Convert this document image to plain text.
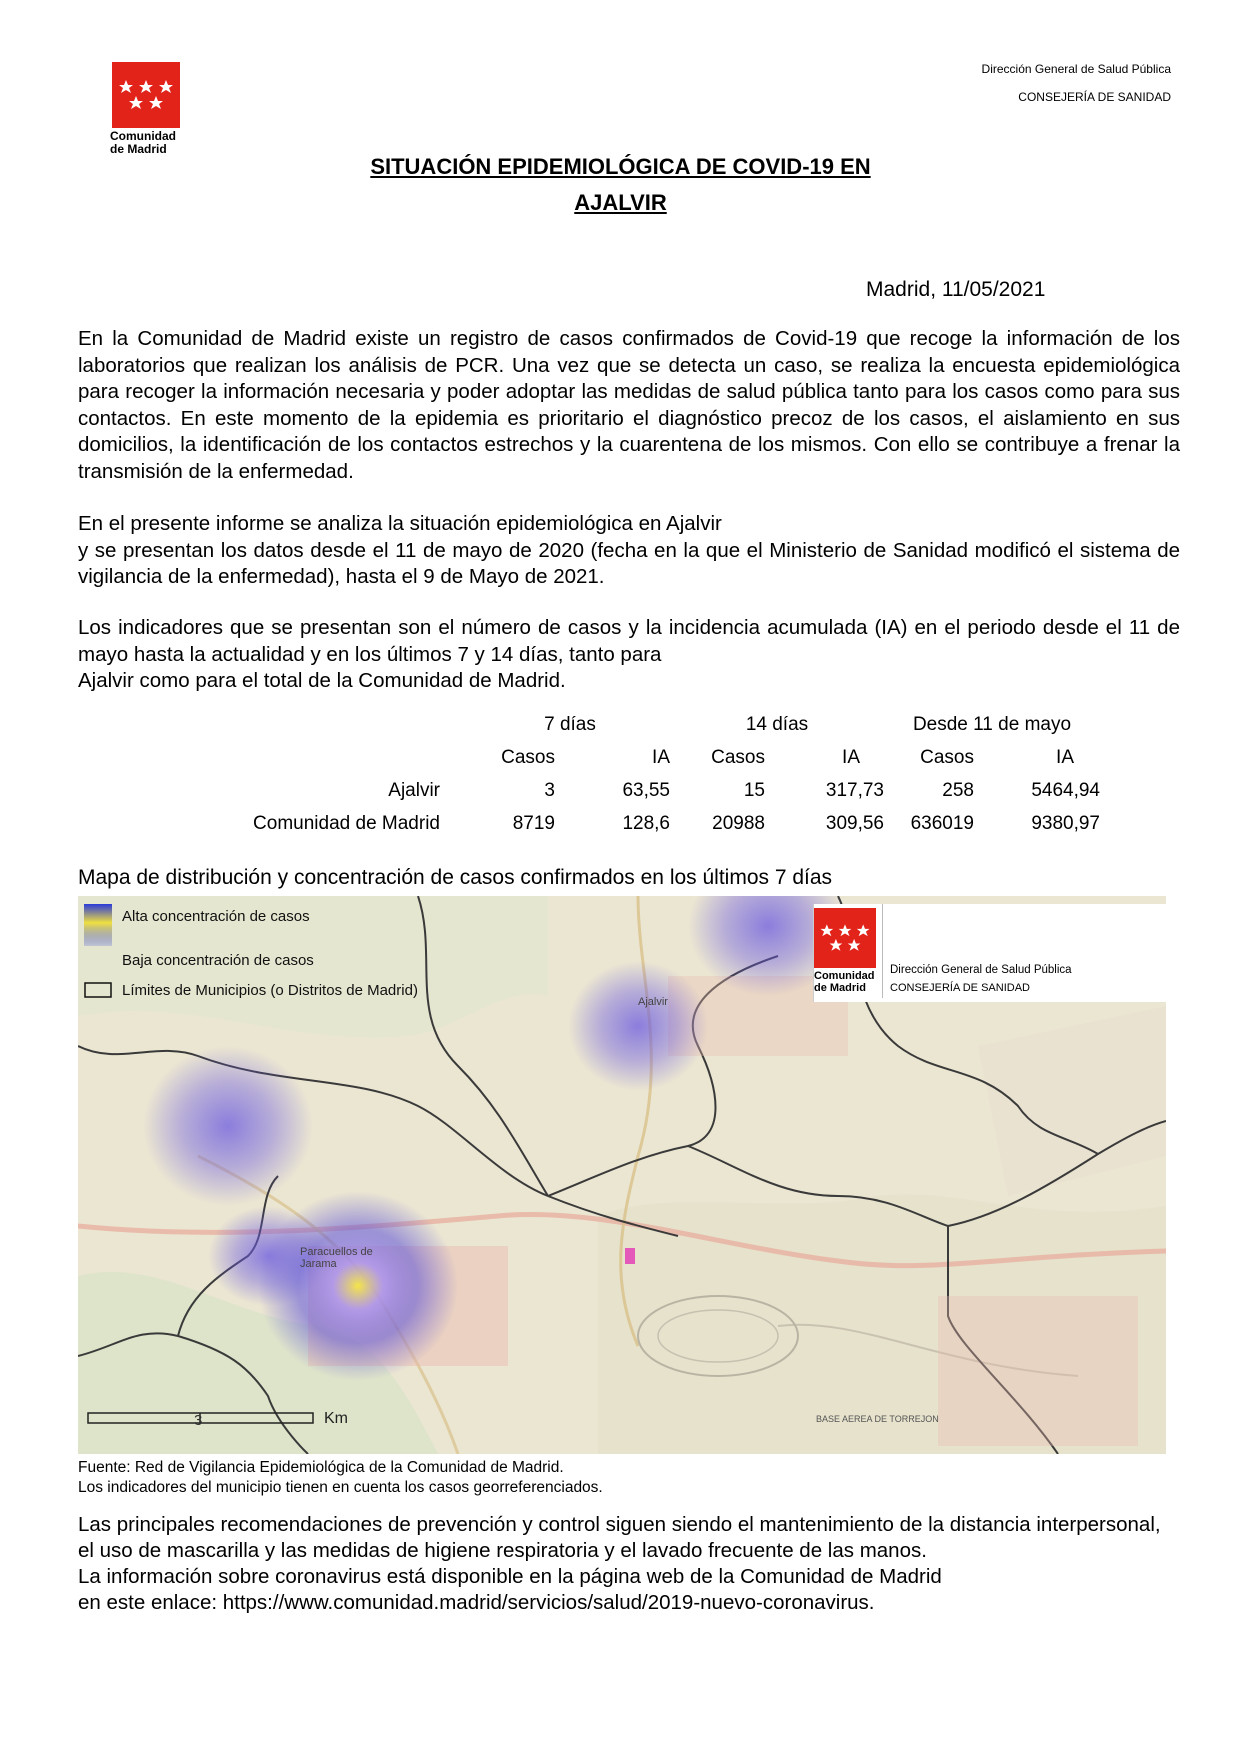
Comunidad
de Madrid
Dirección General de Salud Pública
CONSEJERÍA DE SANIDAD
SITUACIÓN EPIDEMIOLÓGICA DE COVID-19 EN
AJALVIR
Madrid, 11/05/2021

En la Comunidad de Madrid existe un registro de casos confirmados de Covid-19 que recoge la información de los laboratorios que realizan los análisis de PCR. Una vez que se detecta un caso, se realiza la encuesta epidemiológica para recoger la información necesaria y poder adoptar las medidas de salud pública tanto para los casos como para sus contactos. En este momento de la epidemia es prioritario el diagnóstico precoz de los casos, el aislamiento en sus domicilios, la identificación de los contactos estrechos y la cuarentena de los mismos. Con ello se contribuye a frenar la transmisión de la enfermedad.

En el presente informe se analiza la situación epidemiológica en Ajalvir

y se presentan los datos desde el 11 de mayo de 2020 (fecha en la que el Ministerio de Sanidad modificó el sistema de vigilancia de la enfermedad), hasta el 9 de Mayo de 2021.

Los indicadores que se presentan son el número de casos y la incidencia acumulada (IA) en el periodo desde el 11 de mayo hasta la actualidad y en los últimos 7 y 14 días, tanto para

Ajalvir como para el total de la Comunidad de Madrid.

	7 días		14 días		Desde 11 de mayo	
	Casos	IA	Casos	IA	Casos	IA
Ajalvir	3	63,55	15	317,73	258	5464,94
Comunidad de Madrid	8719	128,6	20988	309,56	636019	9380,97
Mapa de distribución y concentración de casos confirmados en los últimos 7 días
Comunidad
de Madrid
Dirección General de Salud Pública
CONSEJERÍA DE SANIDAD
Alta concentración de casos
Baja concentración de casos
Límites de Municipios (o Distritos de Madrid)
Ajalvir
Paracuellos de Jarama
BASE AEREA DE TORREJON
3	Km
Fuente: Red de Vigilancia Epidemiológica de la Comunidad de Madrid.
Los indicadores del municipio tienen en cuenta los casos georreferenciados.

Las principales recomendaciones de prevención y control siguen siendo el mantenimiento de la distancia interpersonal, el uso de mascarilla y las medidas de higiene respiratoria y el lavado frecuente de las manos.

La información sobre coronavirus está disponible en la página web de la Comunidad de Madrid

en este enlace: https://www.comunidad.madrid/servicios/salud/2019-nuevo-coronavirus.
